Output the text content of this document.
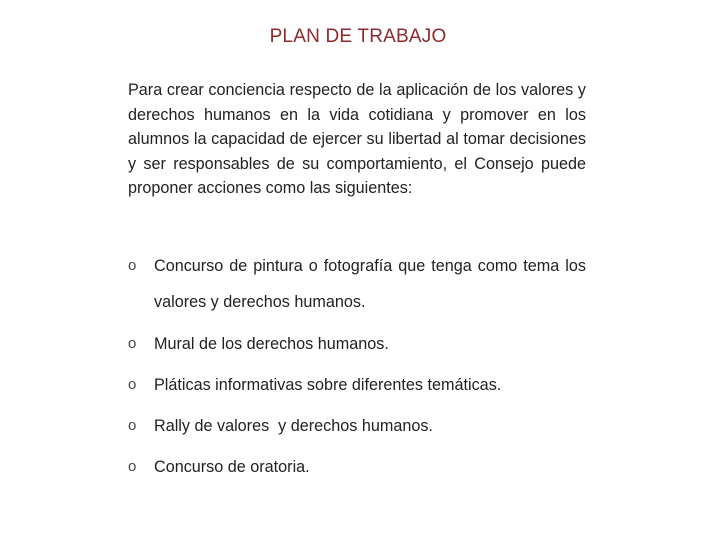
PLAN DE TRABAJO

Para crear conciencia respecto de la aplicación de los valores y derechos humanos en la vida cotidiana y promover en los alumnos la capacidad de ejercer su libertad al tomar decisiones y ser responsables de su comportamiento, el Consejo puede proponer acciones como las siguientes:

o	Concurso de pintura o fotografía que tenga como tema los valores y derechos humanos.
o	Mural de los derechos humanos.
o	Pláticas informativas sobre diferentes temáticas.
o	Rally de valores  y derechos humanos.
o	Concurso de oratoria.
